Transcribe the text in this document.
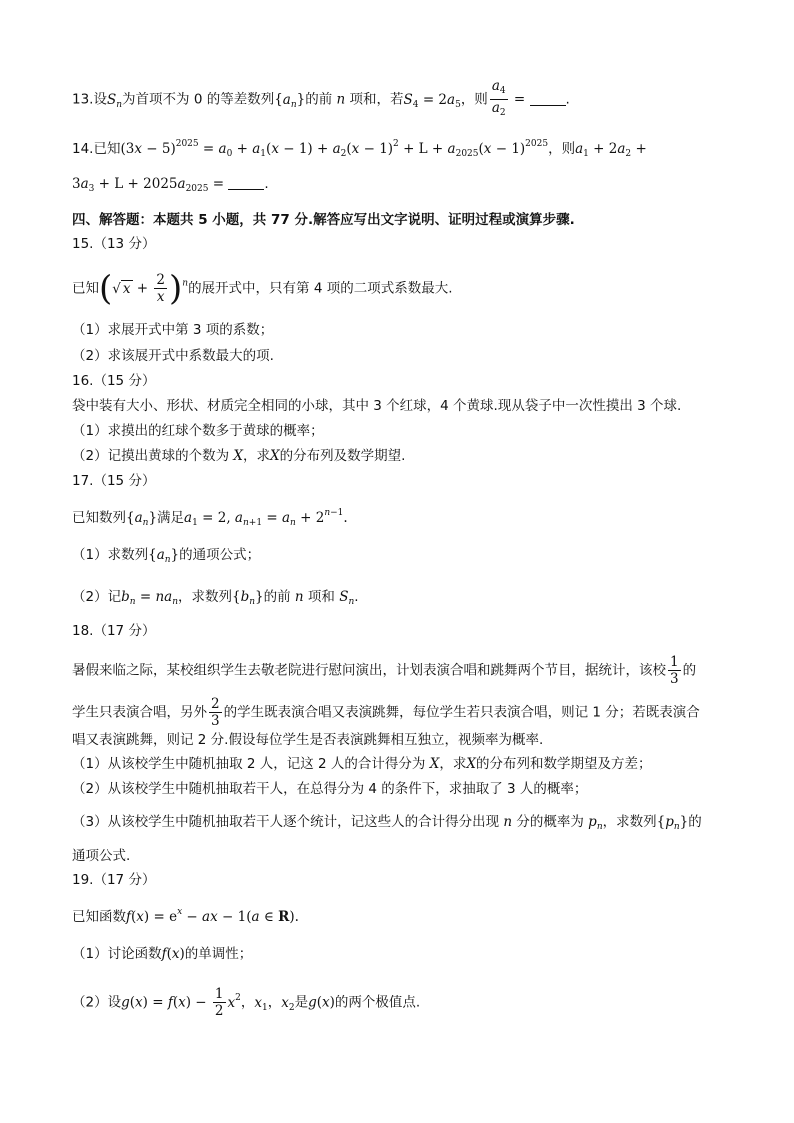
13.设$S_n$为首项不为 0 的等差数列$\{a_n\}$的前 n 项和，若$S_4 = 2a_5$，则 $\frac{a_4}{a_2}$ =	.
14.已知$(3x - 5)^{2025} = a_0 + a_1(x - 1) + a_2(x - 1)^2 + L + a_{2025}(x - 1)^{2025}$，则$a_1 + 2a_2$ +
$3a_3 + L + 2025a_{2025}$ =	.
四、解答题：本题共 5 小题，共 77 分.解答应写出文字说明、证明过程或演算步骤.
15.（13 分）
已知(√ $x + \frac{2}{x} )^n$的展开式中，只有第 4 项的二项式系数最大.
（1）求展开式中第 3 项的系数；
（2）求该展开式中系数最大的项.
16.（15 分）
袋中装有大小、形状、材质完全相同的小球，其中 3 个红球，4 个黄球.现从袋子中一次性摸出 3 个球.
（1）求摸出的红球个数多于黄球的概率；
（2）记摸出黄球的个数为 X，求X的分布列及数学期望.
17.（15 分）
已知数列$\{a_n\}$满足$a_1 = 2$, $a_{n+1} = a_n + 2^{n-1}$.
（1）求数列$\{a_n\}$的通项公式；
（2）记$b_n = na_n$，求数列$\{b_n\}$的前 n 项和 $S_n$.
18.（17 分）
暑假来临之际，某校组织学生去敬老院进行慰问演出，计划表演合唱和跳舞两个节目，据统计，该校 $\frac{1}{3}$ 的
学生只表演合唱，另外 $\frac{2}{3}$ 的学生既表演合唱又表演跳舞，每位学生若只表演合唱，则记 1 分；若既表演合
唱又表演跳舞，则记 2 分.假设每位学生是否表演跳舞相互独立，视频率为概率.
（1）从该校学生中随机抽取 2 人，记这 2 人的合计得分为 X，求X的分布列和数学期望及方差；
（2）从该校学生中随机抽取若干人，在总得分为 4 的条件下，求抽取了 3 人的概率；
（3）从该校学生中随机抽取若干人逐个统计，记这些人的合计得分出现 n 分的概率为 $p_n$，求数列$\{p_n\}$的
通项公式.
19.（17 分）
已知函数$f(x) = e^x$ − ax − 1(a ∈ R).
（1）讨论函数f(x)的单调性；
（2）设$g(x) = f(x) - \frac{1}{2} x^2$，$x_1$，$x_2$是g(x)的两个极值点.
